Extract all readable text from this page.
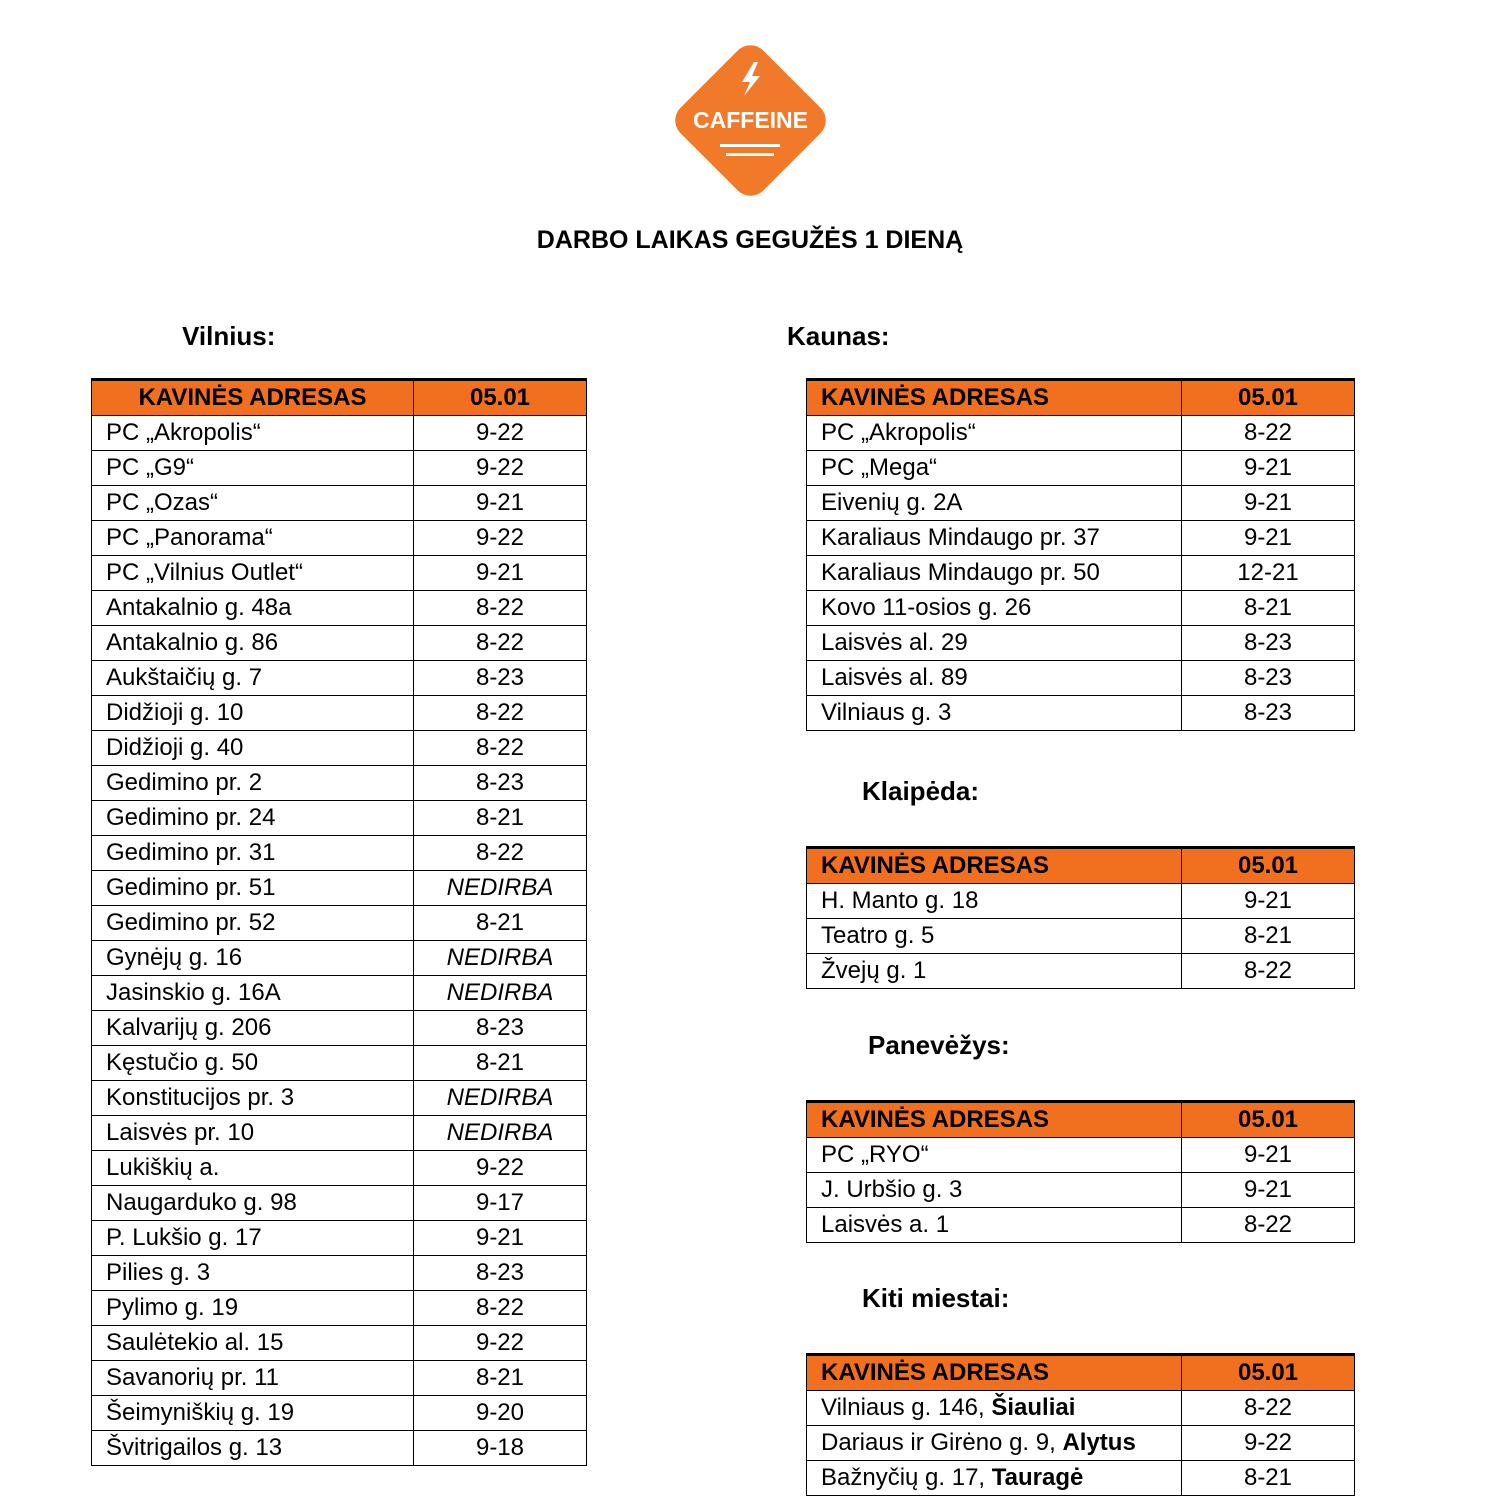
CAFFEINE
DARBO LAIKAS GEGUŽĖS 1 DIENĄ
Vilnius:
KAVINĖS ADRESAS	05.01
PC „Akropolis“	9-22
PC „G9“	9-22
PC „Ozas“	9-21
PC „Panorama“	9-22
PC „Vilnius Outlet“	9-21
Antakalnio g. 48a	8-22
Antakalnio g. 86	8-22
Aukštaičių g. 7	8-23
Didžioji g. 10	8-22
Didžioji g. 40	8-22
Gedimino pr. 2	8-23
Gedimino pr. 24	8-21
Gedimino pr. 31	8-22
Gedimino pr. 51	NEDIRBA
Gedimino pr. 52	8-21
Gynėjų g. 16	NEDIRBA
Jasinskio g. 16A	NEDIRBA
Kalvarijų g. 206	8-23
Kęstučio g. 50	8-21
Konstitucijos pr. 3	NEDIRBA
Laisvės pr. 10	NEDIRBA
Lukiškių a.	9-22
Naugarduko g. 98	9-17
P. Lukšio g. 17	9-21
Pilies g. 3	8-23
Pylimo g. 19	8-22
Saulėtekio al. 15	9-22
Savanorių pr. 11	8-21
Šeimyniškių g. 19	9-20
Švitrigailos g. 13	9-18
Kaunas:
KAVINĖS ADRESAS	05.01
PC „Akropolis“	8-22
PC „Mega“	9-21
Eivenių g. 2A	9-21
Karaliaus Mindaugo pr. 37	9-21
Karaliaus Mindaugo pr. 50	12-21
Kovo 11-osios g. 26	8-21
Laisvės al. 29	8-23
Laisvės al. 89	8-23
Vilniaus g. 3	8-23
Klaipėda:
KAVINĖS ADRESAS	05.01
H. Manto g. 18	9-21
Teatro g. 5	8-21
Žvejų g. 1	8-22
Panevėžys:
KAVINĖS ADRESAS	05.01
PC „RYO“	9-21
J. Urbšio g. 3	9-21
Laisvės a. 1	8-22
Kiti miestai:
KAVINĖS ADRESAS	05.01
Vilniaus g. 146, Šiauliai	8-22
Dariaus ir Girėno g. 9, Alytus	9-22
Bažnyčių g. 17, Tauragė	8-21
